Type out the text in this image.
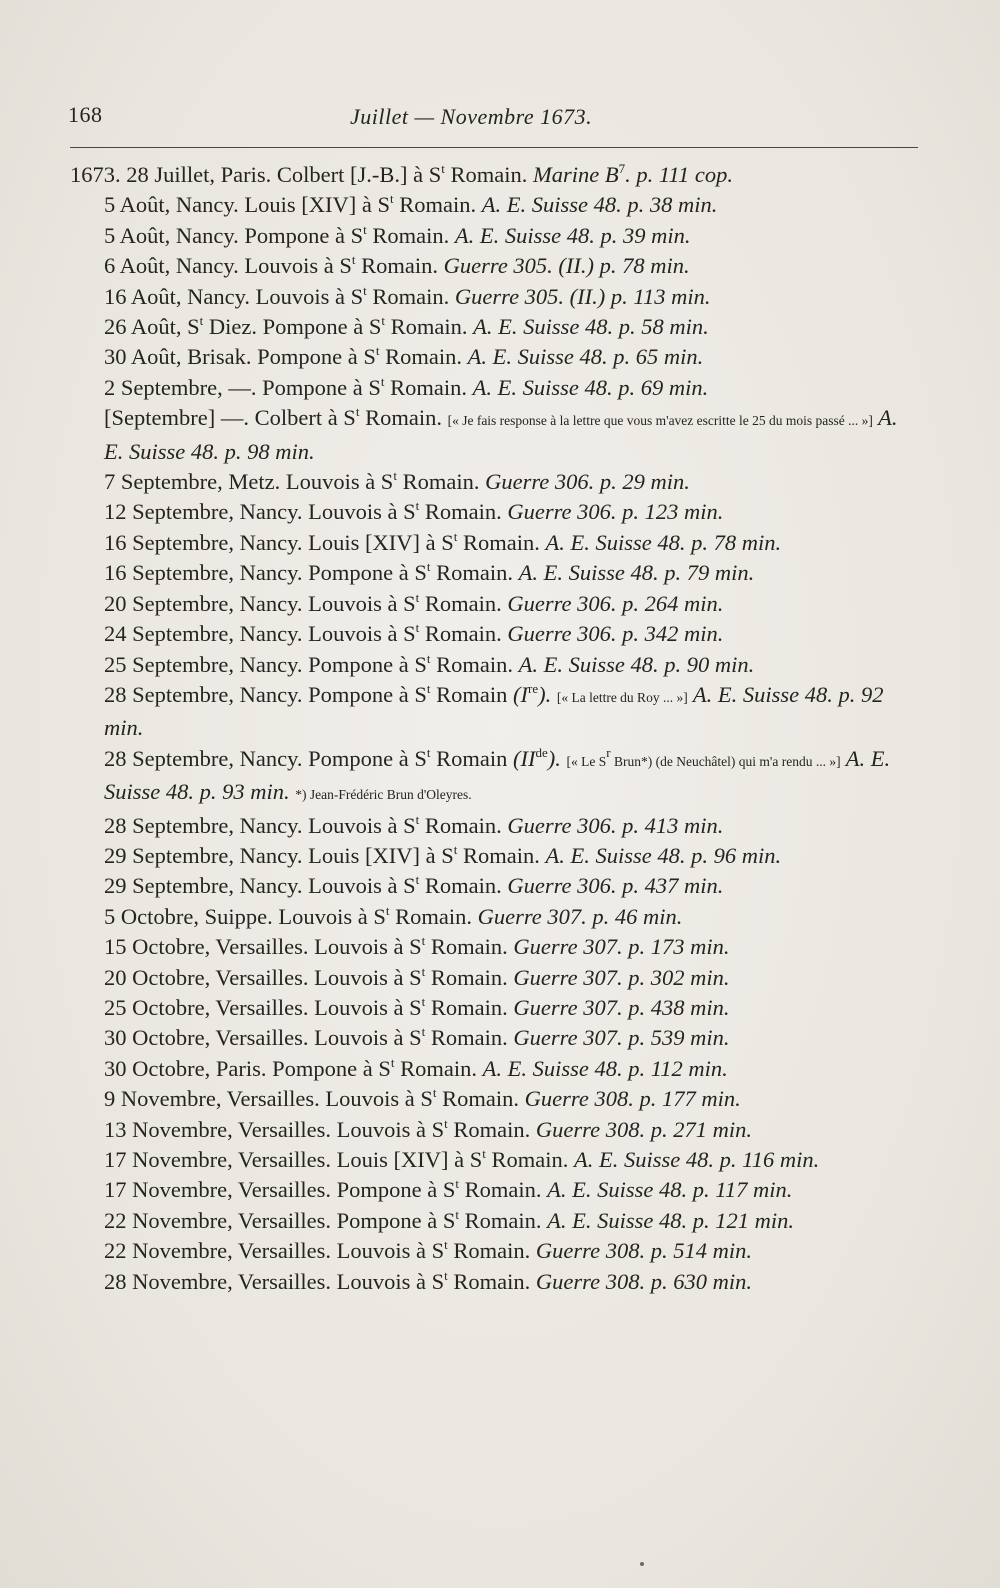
168	Juillet — Novembre 1673.
1673. 28 Juillet, Paris. Colbert [J.-B.] à $S^t$ Romain. Marine $B^7$. p. 111 cop.
5 Août, Nancy. Louis [XIV] à $S^t$ Romain. A. E. Suisse 48. p. 38 min.
5 Août, Nancy. Pompone à $S^t$ Romain. A. E. Suisse 48. p. 39 min.
6 Août, Nancy. Louvois à $S^t$ Romain. Guerre 305. (II.) p. 78 min.
16 Août, Nancy. Louvois à $S^t$ Romain. Guerre 305. (II.) p. 113 min.
26 Août, $S^t$ Diez. Pompone à $S^t$ Romain. A. E. Suisse 48. p. 58 min.
30 Août, Brisak. Pompone à $S^t$ Romain. A. E. Suisse 48. p. 65 min.
2 Septembre, —. Pompone à $S^t$ Romain. A. E. Suisse 48. p. 69 min.
[Septembre] —. Colbert à $S^t$ Romain. [« Je fais response à la lettre que vous m'avez escritte le 25 du mois passé ... »] A. E. Suisse 48. p. 98 min.
7 Septembre, Metz. Louvois à $S^t$ Romain. Guerre 306. p. 29 min.
12 Septembre, Nancy. Louvois à $S^t$ Romain. Guerre 306. p. 123 min.
16 Septembre, Nancy. Louis [XIV] à $S^t$ Romain. A. E. Suisse 48. p. 78 min.
16 Septembre, Nancy. Pompone à $S^t$ Romain. A. E. Suisse 48. p. 79 min.
20 Septembre, Nancy. Louvois à $S^t$ Romain. Guerre 306. p. 264 min.
24 Septembre, Nancy. Louvois à $S^t$ Romain. Guerre 306. p. 342 min.
25 Septembre, Nancy. Pompone à $S^t$ Romain. A. E. Suisse 48. p. 90 min.
28 Septembre, Nancy. Pompone à $S^t$ Romain (Ire). [« La lettre du Roy ... »] A. E. Suisse 48. p. 92 min.
28 Septembre, Nancy. Pompone à $S^t$ Romain (IIde). [« Le $S^r$ Brun*) (de Neuchâtel) qui m'a rendu ... »] A. E. Suisse 48. p. 93 min. *) Jean-Frédéric Brun d'Oleyres.
28 Septembre, Nancy. Louvois à $S^t$ Romain. Guerre 306. p. 413 min.
29 Septembre, Nancy. Louis [XIV] à $S^t$ Romain. A. E. Suisse 48. p. 96 min.
29 Septembre, Nancy. Louvois à $S^t$ Romain. Guerre 306. p. 437 min.
5 Octobre, Suippe. Louvois à $S^t$ Romain. Guerre 307. p. 46 min.
15 Octobre, Versailles. Louvois à $S^t$ Romain. Guerre 307. p. 173 min.
20 Octobre, Versailles. Louvois à $S^t$ Romain. Guerre 307. p. 302 min.
25 Octobre, Versailles. Louvois à $S^t$ Romain. Guerre 307. p. 438 min.
30 Octobre, Versailles. Louvois à $S^t$ Romain. Guerre 307. p. 539 min.
30 Octobre, Paris. Pompone à $S^t$ Romain. A. E. Suisse 48. p. 112 min.
9 Novembre, Versailles. Louvois à $S^t$ Romain. Guerre 308. p. 177 min.
13 Novembre, Versailles. Louvois à $S^t$ Romain. Guerre 308. p. 271 min.
17 Novembre, Versailles. Louis [XIV] à $S^t$ Romain. A. E. Suisse 48. p. 116 min.
17 Novembre, Versailles. Pompone à $S^t$ Romain. A. E. Suisse 48. p. 117 min.
22 Novembre, Versailles. Pompone à $S^t$ Romain. A. E. Suisse 48. p. 121 min.
22 Novembre, Versailles. Louvois à $S^t$ Romain. Guerre 308. p. 514 min.
28 Novembre, Versailles. Louvois à $S^t$ Romain. Guerre 308. p. 630 min.
